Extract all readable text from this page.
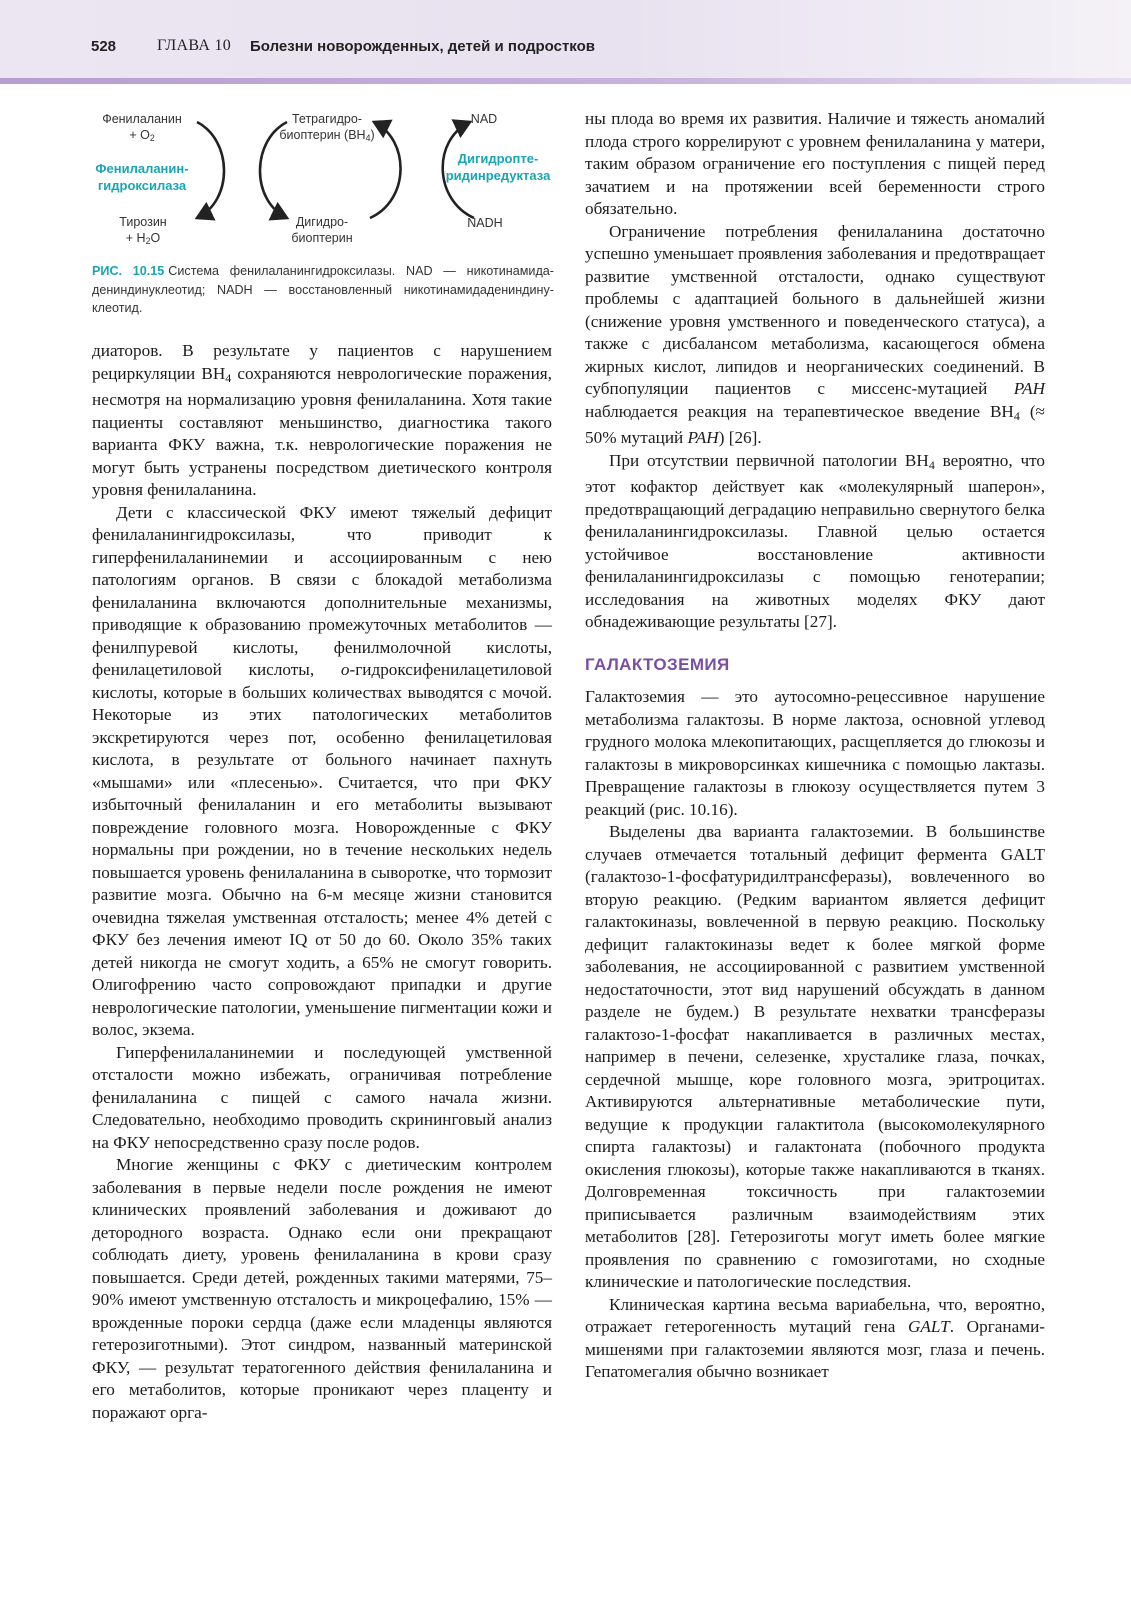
528	ГЛАВА 10 Болезни новорожденных, детей и подростков
Фенилаланин
+ $O_2$
Фенилаланин-
гидроксилаза
Тирозин
+ $H_2O$
Тетрагидро-
биоптерин $(BH_4)$
Дигидро-
биоптерин
NAD
Дигидропте-
ридинредуктаза
NADH
РИС. 10.15 Система фенилаланингидроксилазы. NAD — никотинамида-дениндинуклеотид; NADH — восстановленный никотинамидадениндину-клеотид.

диаторов. В результате у пациентов с нарушением рециркуляции $BH_4$ сохраняются неврологические поражения, несмотря на нормализацию уровня фенилаланина. Хотя такие пациенты составляют меньшинство, диагностика такого варианта ФКУ важна, т.к. неврологические поражения не могут быть устранены посредством диетического контроля уровня фенилаланина.

Дети с классической ФКУ имеют тяжелый дефицит фенилаланингидроксилазы, что приводит к гиперфенилаланинемии и ассоциированным с нею патологиям органов. В связи с блокадой метаболизма фенилаланина включаются дополнительные механизмы, приводящие к образованию промежуточных метаболитов — фенилпуревой кислоты, фенилмолочной кислоты, фенилацетиловой кислоты, о-гидроксифенилацетиловой кислоты, которые в больших количествах выводятся с мочой. Некоторые из этих патологических метаболитов экскретируются через пот, особенно фенилацетиловая кислота, в результате от больного начинает пахнуть «мышами» или «плесенью». Считается, что при ФКУ избыточный фенилаланин и его метаболиты вызывают повреждение головного мозга. Новорожденные с ФКУ нормальны при рождении, но в течение нескольких недель повышается уровень фенилаланина в сыворотке, что тормозит развитие мозга. Обычно на 6-м месяце жизни становится очевидна тяжелая умственная отсталость; менее 4% детей с ФКУ без лечения имеют IQ от 50 до 60. Около 35% таких детей никогда не смогут ходить, а 65% не смогут говорить. Олигофрению часто сопровождают припадки и другие неврологические патологии, уменьшение пигментации кожи и волос, экзема.

Гиперфенилаланинемии и последующей умственной отсталости можно избежать, ограничивая потребление фенилаланина с пищей с самого начала жизни. Следовательно, необходимо проводить скрининговый анализ на ФКУ непосредственно сразу после родов.

Многие женщины с ФКУ с диетическим контролем заболевания в первые недели после рождения не имеют клинических проявлений заболевания и доживают до детородного возраста. Однако если они прекращают соблюдать диету, уровень фенилаланина в крови сразу повышается. Среди детей, рожденных такими матерями, 75–90% имеют умственную отсталость и микроцефалию, 15% — врожденные пороки сердца (даже если младенцы являются гетерозиготными). Этот синдром, названный материнской ФКУ, — результат тератогенного действия фенилаланина и его метаболитов, которые проникают через плаценту и поражают орга-

ны плода во время их развития. Наличие и тяжесть аномалий плода строго коррелируют с уровнем фенилаланина у матери, таким образом ограничение его поступления с пищей перед зачатием и на протяжении всей беременности строго обязательно.

Ограничение потребления фенилаланина достаточно успешно уменьшает проявления заболевания и предотвращает развитие умственной отсталости, однако существуют проблемы с адаптацией больного в дальнейшей жизни (снижение уровня умственного и поведенческого статуса), а также с дисбалансом метаболизма, касающегося обмена жирных кислот, липидов и неорганических соединений. В субпопуляции пациентов с миссенс-мутацией PAH наблюдается реакция на терапевтическое введение $BH_4$ (≈ 50% мутаций PAH) [26].

При отсутствии первичной патологии $BH_4$ вероятно, что этот кофактор действует как «молекулярный шаперон», предотвращающий деградацию неправильно свернутого белка фенилаланингидроксилазы. Главной целью остается устойчивое восстановление активности фенилаланингидроксилазы с помощью генотерапии; исследования на животных моделях ФКУ дают обнадеживающие результаты [27].

ГАЛАКТОЗЕМИЯ

Галактоземия — это аутосомно-рецессивное нарушение метаболизма галактозы. В норме лактоза, основной углевод грудного молока млекопитающих, расщепляется до глюкозы и галактозы в микроворсинках кишечника с помощью лактазы. Превращение галактозы в глюкозу осуществляется путем 3 реакций (рис. 10.16).

Выделены два варианта галактоземии. В большинстве случаев отмечается тотальный дефицит фермента GALT (галактозо-1-фосфатуридилтрансферазы), вовлеченного во вторую реакцию. (Редким вариантом является дефицит галактокиназы, вовлеченной в первую реакцию. Поскольку дефицит галактокиназы ведет к более мягкой форме заболевания, не ассоциированной с развитием умственной недостаточности, этот вид нарушений обсуждать в данном разделе не будем.) В результате нехватки трансферазы галактозо-1-фосфат накапливается в различных местах, например в печени, селезенке, хрусталике глаза, почках, сердечной мышце, коре головного мозга, эритроцитах. Активируются альтернативные метаболические пути, ведущие к продукции галактитола (высокомолекулярного спирта галактозы) и галактоната (побочного продукта окисления глюкозы), которые также накапливаются в тканях. Долговременная токсичность при галактоземии приписывается различным взаимодействиям этих метаболитов [28]. Гетерозиготы могут иметь более мягкие проявления по сравнению с гомозиготами, но сходные клинические и патологические последствия.

Клиническая картина весьма вариабельна, что, вероятно, отражает гетерогенность мутаций гена GALT. Органами-мишенями при галактоземии являются мозг, глаза и печень. Гепатомегалия обычно возникает
